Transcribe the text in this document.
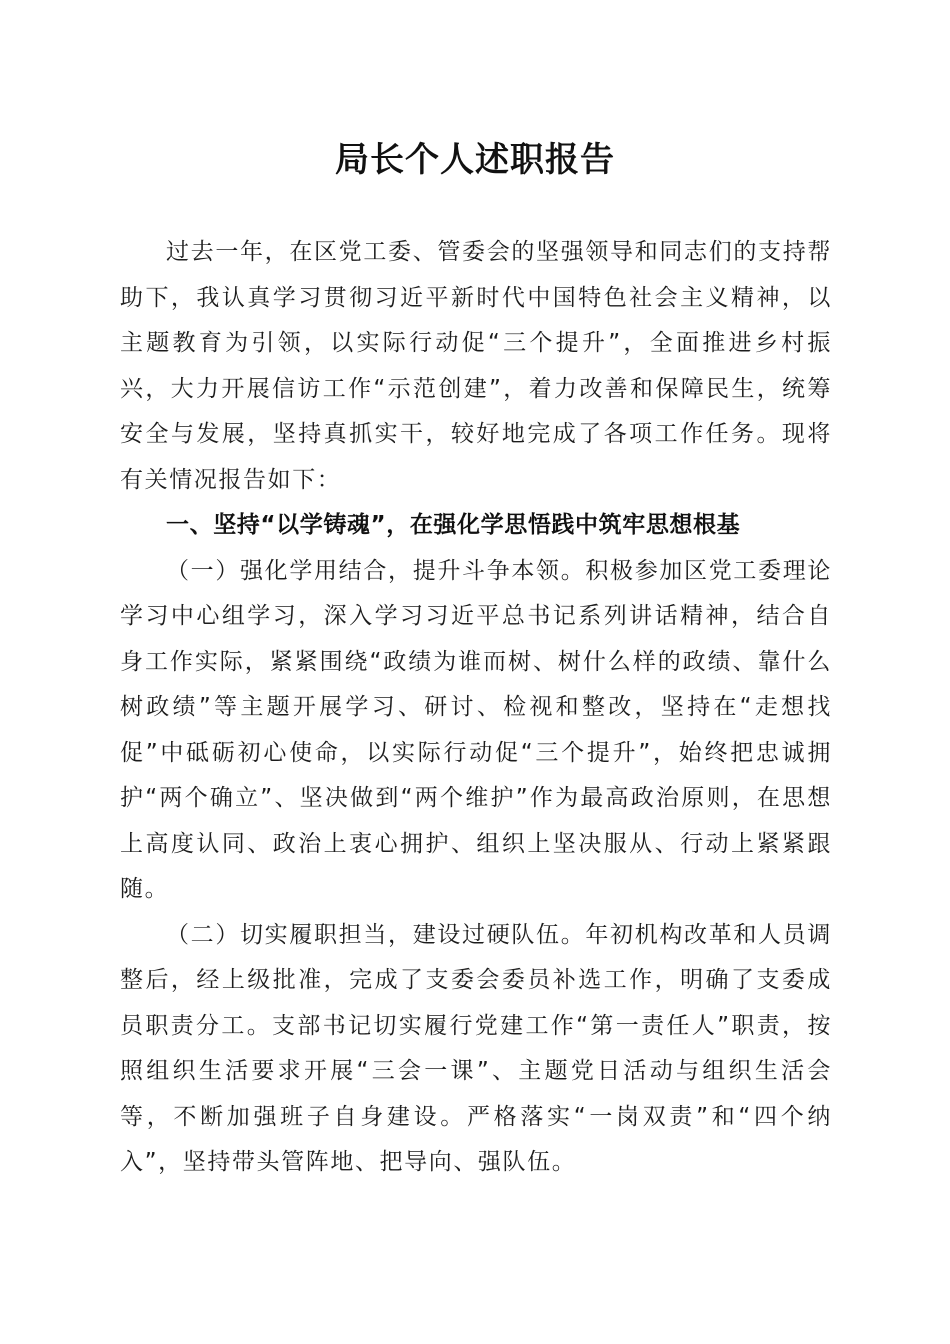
局长个人述职报告

过去一年，在区党工委、管委会的坚强领导和同志们的支持帮助下，我认真学习贯彻习近平新时代中国特色社会主义精神，以主题教育为引领，以实际行动促“三个提升”，全面推进乡村振兴，大力开展信访工作“示范创建”，着力改善和保障民生，统筹安全与发展，坚持真抓实干，较好地完成了各项工作任务。现将有关情况报告如下：

一、坚持“以学铸魂”，在强化学思悟践中筑牢思想根基

（一）强化学用结合，提升斗争本领。积极参加区党工委理论学习中心组学习，深入学习习近平总书记系列讲话精神，结合自身工作实际，紧紧围绕“政绩为谁而树、树什么样的政绩、靠什么树政绩”等主题开展学习、研讨、检视和整改，坚持在“走想找促”中砥砺初心使命，以实际行动促“三个提升”，始终把忠诚拥护“两个确立”、坚决做到“两个维护”作为最高政治原则，在思想上高度认同、政治上衷心拥护、组织上坚决服从、行动上紧紧跟随。

（二）切实履职担当，建设过硬队伍。年初机构改革和人员调整后，经上级批准，完成了支委会委员补选工作，明确了支委成员职责分工。支部书记切实履行党建工作“第一责任人”职责，按照组织生活要求开展“三会一课”、主题党日活动与组织生活会等，不断加强班子自身建设。严格落实“一岗双责”和“四个纳入”，坚持带头管阵地、把导向、强队伍。
